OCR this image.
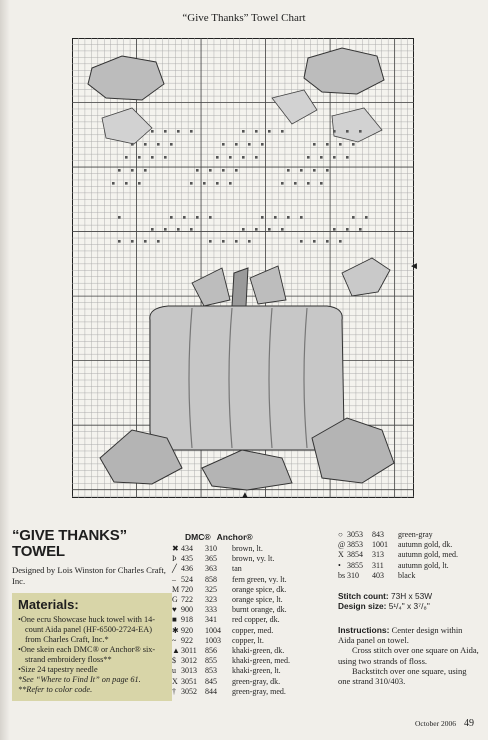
“Give Thanks” Towel Chart
◄
▲
“GIVE THANKS”
TOWEL

Designed by Lois Winston for Charles Craft, Inc.

Materials:
•One ecru Showcase huck towel with 14-count Aida panel (HF-6500-2724-EA) from Charles Craft, Inc.*
•One skein each DMC® or Anchor® six-strand embroidery floss**
•Size 24 tapestry needle
*See “Where to Find It” on page 61.
**Refer to color code.
DMC® Anchor®
✖ 434	310	brown, lt.
Þ 435	365	brown, vy. lt.
╱ 436	363	tan
– 524	858	fern green, vy. lt.
M 720	325	orange spice, dk.
G 722	323	orange spice, lt.
♥ 900	333	burnt orange, dk.
■ 918	341	red copper, dk.
✱ 920	1004	copper, med.
~ 922	1003	copper, lt.
▲ 3011	856	khaki-green, dk.
$ 3012	855	khaki-green, med.
u 3013	853	khaki-green, lt.
X 3051	845	green-gray, dk.
† 3052	844	green-gray, med.
○ 3053	843	green-gray
@ 3853	1001	autumn gold, dk.
X 3854	313	autumn gold, med.
• 3855	311	autumn gold, lt.
bs 310	403	black
Stitch count: 73H x 53W
Design size: 5¹/₄" x 3⁷/₈"

Instructions: Center design within Aida panel on towel.

Cross stitch over one square on Aida, using two strands of floss.

Backstitch over one square, using one strand 310/403.

October 2006 49
